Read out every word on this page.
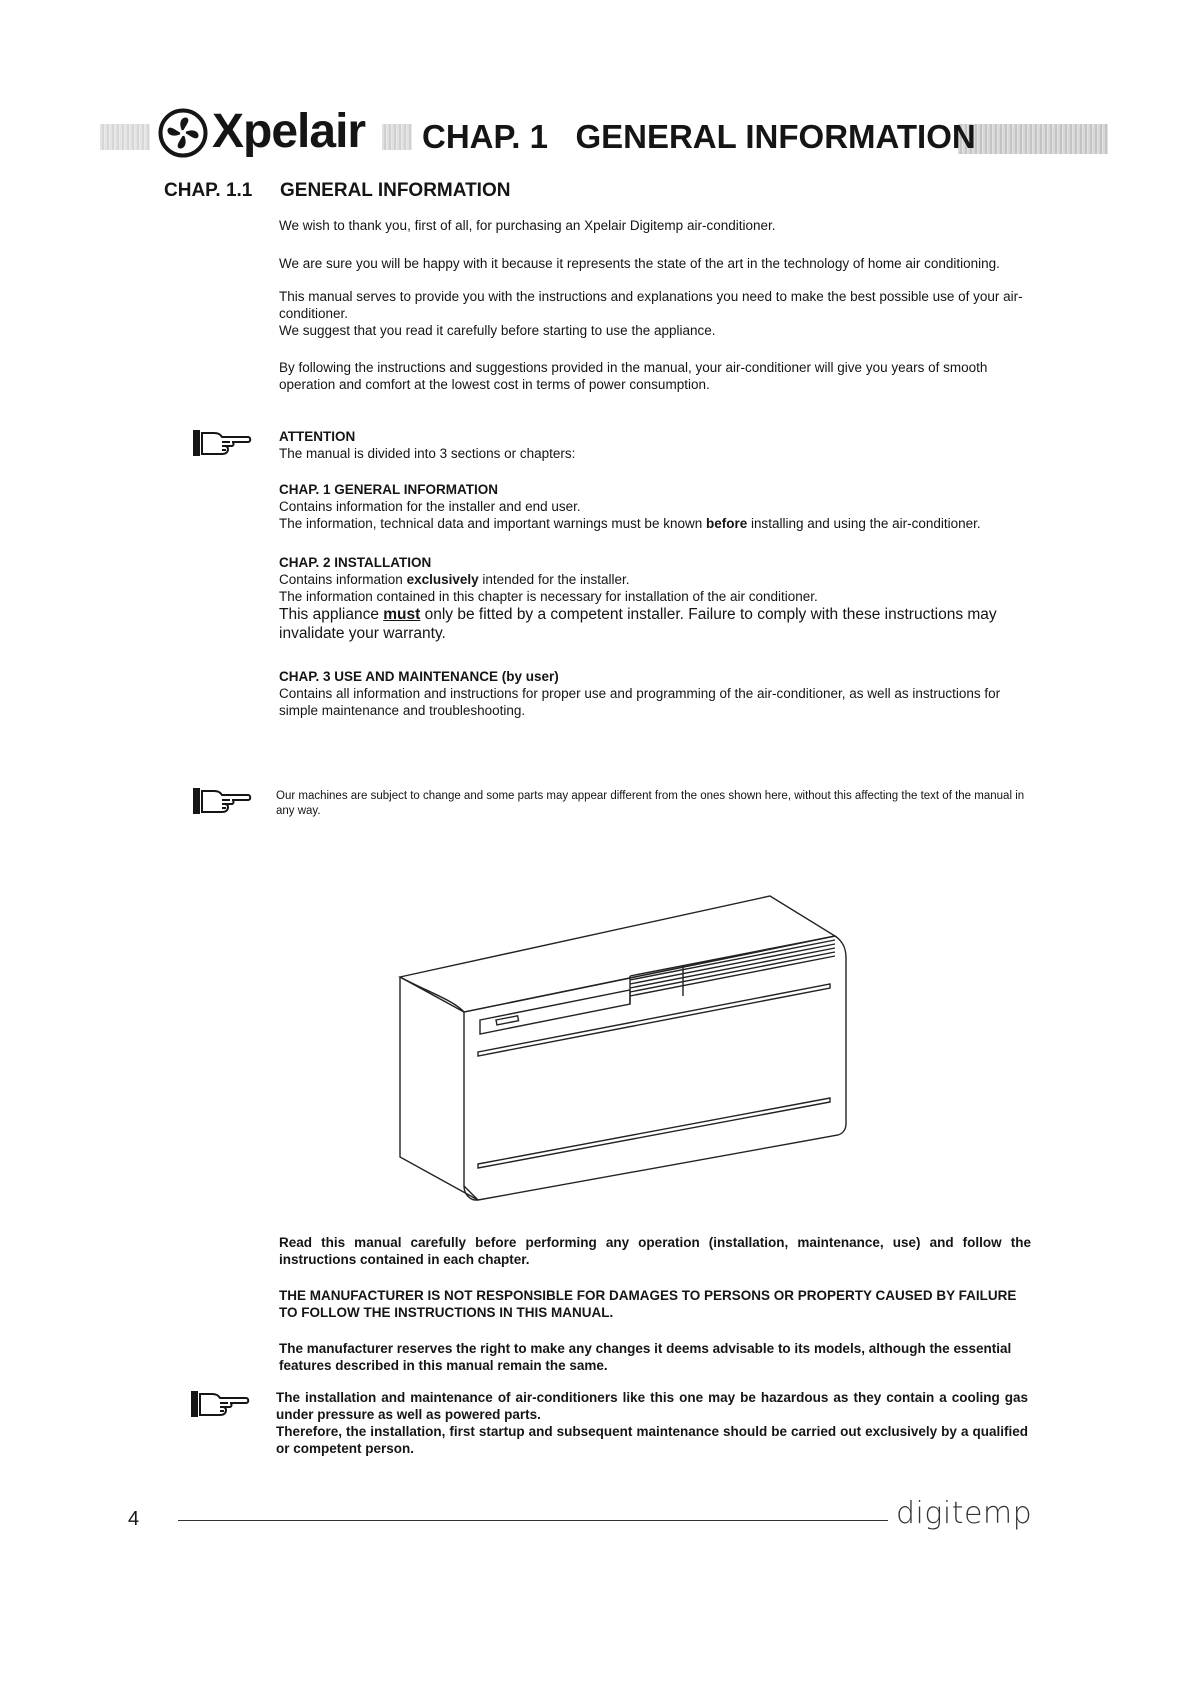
Xpelair CHAP. 1   GENERAL INFORMATION
CHAP. 1.1 GENERAL INFORMATION
We wish to thank you, first of all, for purchasing an Xpelair Digitemp air-conditioner.
We are sure you will be happy with it because it represents the state of the art in the technology of home air conditioning.

This manual serves to provide you with the instructions and explanations you need to make the best possible use of your air-conditioner.

We suggest that you read it carefully before starting to use the appliance.

By following the instructions and suggestions provided in the manual, your air-conditioner will give you years of smooth operation and comfort at the lowest cost in terms of power consumption.
ATTENTION
The manual is divided into 3 sections or chapters:
CHAP. 1 GENERAL INFORMATION
Contains information for the installer and end user.
The information, technical data and important warnings must be known before installing and using the air-conditioner.
CHAP. 2 INSTALLATION
Contains information exclusively intended for the installer.
The information contained in this chapter is necessary for installation of the air conditioner.
This appliance must only be fitted by a competent installer. Failure to comply with these instructions may invalidate your warranty.
CHAP. 3 USE AND MAINTENANCE (by user)
Contains all information and instructions for proper use and programming of the air-conditioner, as well as instructions for simple maintenance and troubleshooting.
Our machines are subject to change and some parts may appear different from the ones shown here, without this affecting the text of the manual in any way.
Read this manual carefully before performing any operation (installation, maintenance, use) and follow the instructions contained in each chapter.
THE MANUFACTURER IS NOT RESPONSIBLE FOR DAMAGES TO PERSONS OR PROPERTY CAUSED BY FAILURE TO FOLLOW THE INSTRUCTIONS IN THIS MANUAL.
The manufacturer reserves the right to make any changes it deems advisable to its models, although the essential features described in this manual remain the same.
The installation and maintenance of air-conditioners like this one may be hazardous as they contain a cooling gas under pressure as well as powered parts.
Therefore, the installation, first startup and subsequent maintenance should be carried out exclusively by a qualified or competent person.
4	digitemp
